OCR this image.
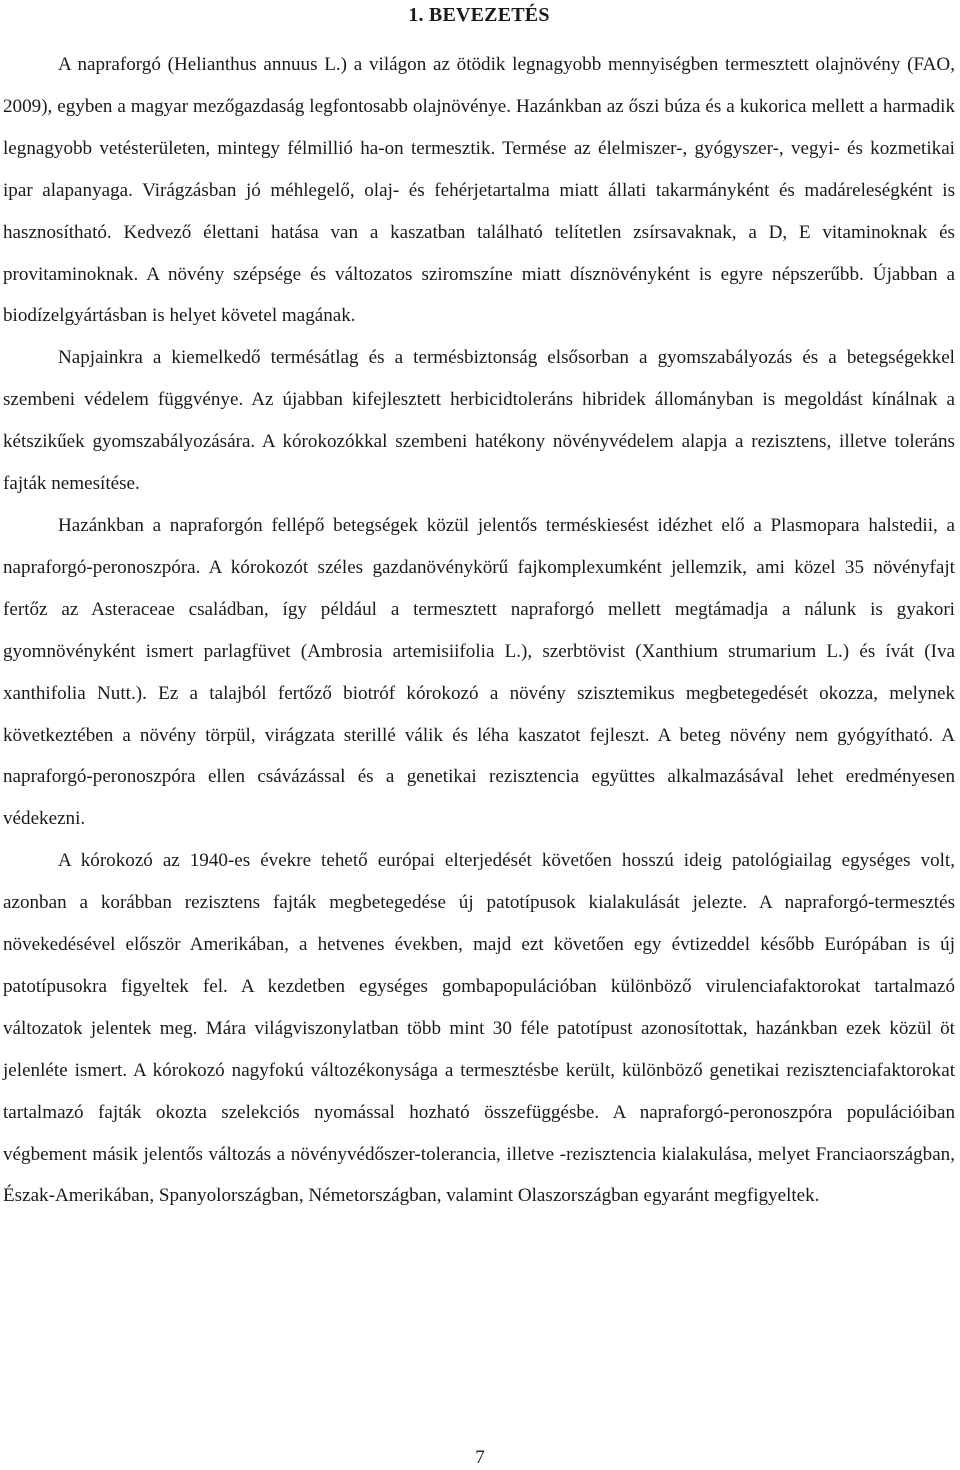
1. BEVEZETÉS

A napraforgó (Helianthus annuus L.) a világon az ötödik legnagyobb mennyiségben termesztett olajnövény (FAO, 2009), egyben a magyar mezőgazdaság legfontosabb olajnövénye. Hazánkban az őszi búza és a kukorica mellett a harmadik legnagyobb vetésterületen, mintegy félmillió ha-on termesztik. Termése az élelmiszer-, gyógyszer-, vegyi- és kozmetikai ipar alapanyaga. Virágzásban jó méhlegelő, olaj- és fehérjetartalma miatt állati takarmányként és madáreleségként is hasznosítható. Kedvező élettani hatása van a kaszatban található telítetlen zsírsavaknak, a D, E vitaminoknak és provitaminoknak. A növény szépsége és változatos sziromszíne miatt dísznövényként is egyre népszerűbb. Újabban a biodízelgyártásban is helyet követel magának.

Napjainkra a kiemelkedő termésátlag és a termésbiztonság elsősorban a gyomszabályozás és a betegségekkel szembeni védelem függvénye. Az újabban kifejlesztett herbicidtoleráns hibridek állományban is megoldást kínálnak a kétszikűek gyomszabályozására. A kórokozókkal szembeni hatékony növényvédelem alapja a rezisztens, illetve toleráns fajták nemesítése.

Hazánkban a napraforgón fellépő betegségek közül jelentős terméskiesést idézhet elő a Plasmopara halstedii, a napraforgó-peronoszpóra. A kórokozót széles gazdanövénykörű fajkomplexumként jellemzik, ami közel 35 növényfajt fertőz az Asteraceae családban, így például a termesztett napraforgó mellett megtámadja a nálunk is gyakori gyomnövényként ismert parlagfüvet (Ambrosia artemisiifolia L.), szerbtövist (Xanthium strumarium L.) és ívát (Iva xanthifolia Nutt.). Ez a talajból fertőző biotróf kórokozó a növény szisztemikus megbetegedését okozza, melynek következtében a növény törpül, virágzata sterillé válik és léha kaszatot fejleszt. A beteg növény nem gyógyítható. A napraforgó-peronoszpóra ellen csávázással és a genetikai rezisztencia együttes alkalmazásával lehet eredményesen védekezni.

A kórokozó az 1940-es évekre tehető európai elterjedését követően hosszú ideig patológiailag egységes volt, azonban a korábban rezisztens fajták megbetegedése új patotípusok kialakulását jelezte. A napraforgó-termesztés növekedésével először Amerikában, a hetvenes években, majd ezt követően egy évtizeddel később Európában is új patotípusokra figyeltek fel. A kezdetben egységes gombapopulációban különböző virulenciafaktorokat tartalmazó változatok jelentek meg. Mára világviszonylatban több mint 30 féle patotípust azonosítottak, hazánkban ezek közül öt jelenléte ismert. A kórokozó nagyfokú változékonysága a termesztésbe került, különböző genetikai rezisztenciafaktorokat tartalmazó fajták okozta szelekciós nyomással hozható összefüggésbe. A napraforgó-peronoszpóra populációiban végbement másik jelentős változás a növényvédőszer-tolerancia, illetve -rezisztencia kialakulása, melyet Franciaországban, Észak-Amerikában, Spanyolországban, Németországban, valamint Olaszországban egyaránt megfigyeltek.

7
